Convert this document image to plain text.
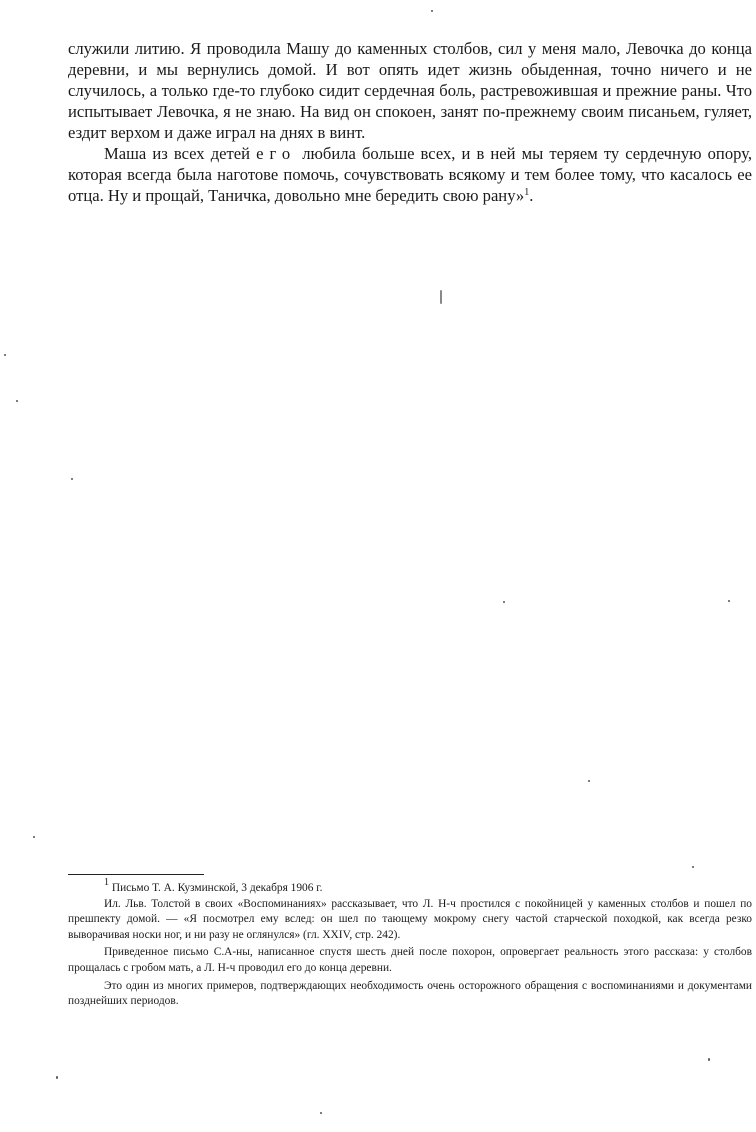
служили литию. Я проводила Машу до каменных столбов, сил у меня мало, Левочка до конца деревни, и мы вернулись домой. И вот опять идет жизнь обыденная, точно ничего и не случилось, а только где-то глубоко сидит сердечная боль, растревожившая и прежние раны. Что испытывает Левочка, я не знаю. На вид он спокоен, занят по-прежнему своим писаньем, гуляет, ездит верхом и даже играл на днях в винт.

Маша из всех детей его любила больше всех, и в ней мы теряем ту сердечную опору, которая всегда была наготове помочь, сочувствовать всякому и тем более тому, что касалось ее отца. Ну и прощай, Таничка, довольно мне бередить свою рану»$^1$.

$^1$ Письмо Т. А. Кузминской, 3 декабря 1906 г.

Ил. Льв. Толстой в своих «Воспоминаниях» рассказывает, что Л. Н-ч простился с покойницей у каменных столбов и пошел по прешпекту домой. — «Я посмотрел ему вслед: он шел по тающему мокрому снегу частой старческой походкой, как всегда резко выворачивая носки ног, и ни разу не оглянулся» (гл. XXIV, стр. 242).

Приведенное письмо С.А-ны, написанное спустя шесть дней после похорон, опровергает реальность этого рассказа: у столбов прощалась с гробом мать, а Л. Н-ч проводил его до конца деревни.

Это один из многих примеров, подтверждающих необходимость очень осторожного обращения с воспоминаниями и документами позднейших периодов.
